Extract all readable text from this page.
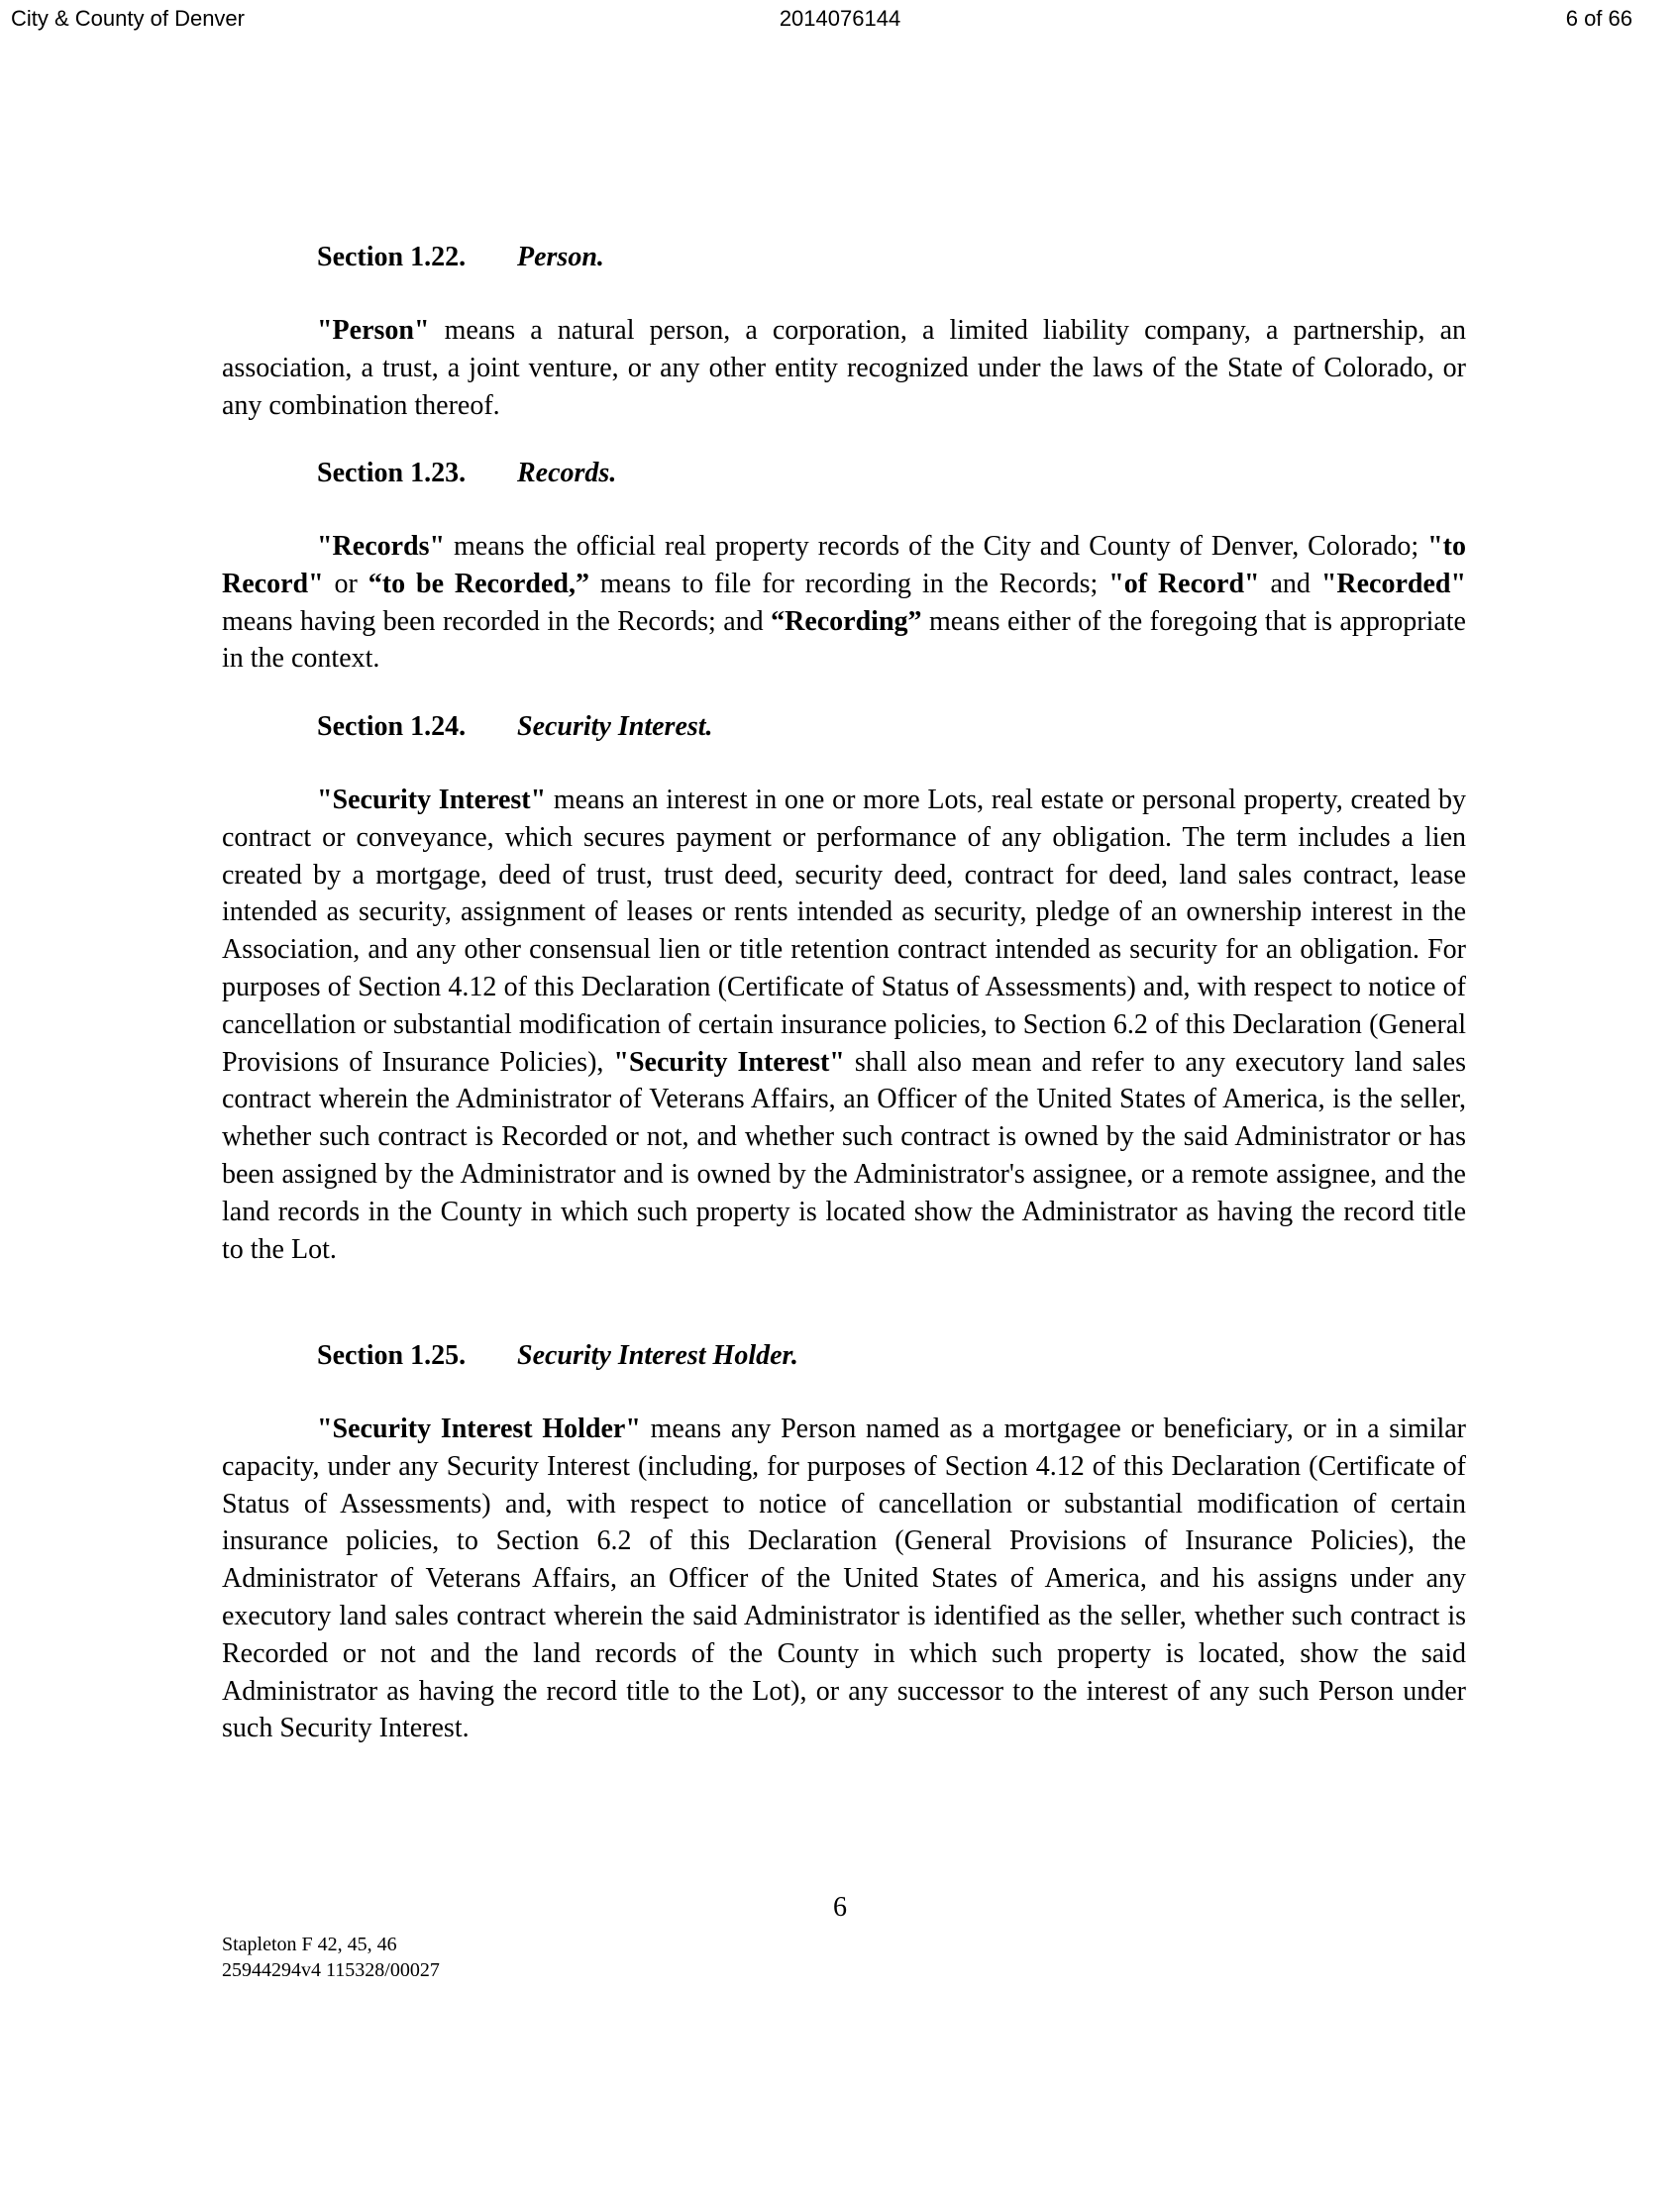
City & County of Denver	2014076144	6 of 66
Section 1.22. Person.
"Person" means a natural person, a corporation, a limited liability company, a partnership, an association, a trust, a joint venture, or any other entity recognized under the laws of the State of Colorado, or any combination thereof.
Section 1.23. Records.
"Records" means the official real property records of the City and County of Denver, Colorado; "to Record" or “to be Recorded,” means to file for recording in the Records; "of Record" and "Recorded" means having been recorded in the Records; and “Recording” means either of the foregoing that is appropriate in the context.
Section 1.24. Security Interest.
"Security Interest" means an interest in one or more Lots, real estate or personal property, created by contract or conveyance, which secures payment or performance of any obligation. The term includes a lien created by a mortgage, deed of trust, trust deed, security deed, contract for deed, land sales contract, lease intended as security, assignment of leases or rents intended as security, pledge of an ownership interest in the Association, and any other consensual lien or title retention contract intended as security for an obligation. For purposes of Section 4.12 of this Declaration (Certificate of Status of Assessments) and, with respect to notice of cancellation or substantial modification of certain insurance policies, to Section 6.2 of this Declaration (General Provisions of Insurance Policies), "Security Interest" shall also mean and refer to any executory land sales contract wherein the Administrator of Veterans Affairs, an Officer of the United States of America, is the seller, whether such contract is Recorded or not, and whether such contract is owned by the said Administrator or has been assigned by the Administrator and is owned by the Administrator's assignee, or a remote assignee, and the land records in the County in which such property is located show the Administrator as having the record title to the Lot.
Section 1.25. Security Interest Holder.
"Security Interest Holder" means any Person named as a mortgagee or beneficiary, or in a similar capacity, under any Security Interest (including, for purposes of Section 4.12 of this Declaration (Certificate of Status of Assessments) and, with respect to notice of cancellation or substantial modification of certain insurance policies, to Section 6.2 of this Declaration (General Provisions of Insurance Policies), the Administrator of Veterans Affairs, an Officer of the United States of America, and his assigns under any executory land sales contract wherein the said Administrator is identified as the seller, whether such contract is Recorded or not and the land records of the County in which such property is located, show the said Administrator as having the record title to the Lot), or any successor to the interest of any such Person under such Security Interest.
6
Stapleton F 42, 45, 46
25944294v4 115328/00027
